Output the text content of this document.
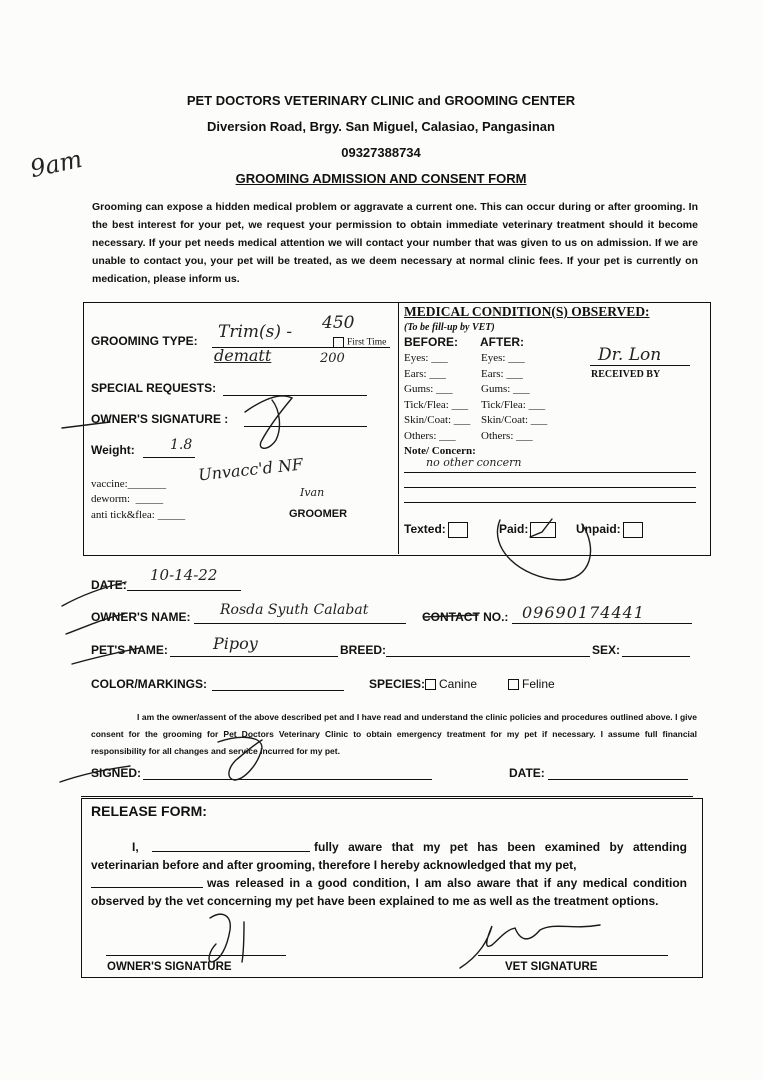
PET DOCTORS VETERINARY CLINIC and GROOMING CENTER
Diversion Road, Brgy. San Miguel, Calasiao, Pangasinan
09327388734
GROOMING ADMISSION AND CONSENT FORM
9am
Grooming can expose a hidden medical problem or aggravate a current one. This can occur during or after grooming. In the best interest for your pet, we request your permission to obtain immediate veterinary treatment should it become necessary. If your pet needs medical attention we will contact your number that was given to us on admission. If we are unable to contact you, your pet will be treated, as we deem necessary at normal clinic fees. If your pet is currently on medication, please inform us.
GROOMING TYPE: Trim(s) - 450
First Time
dematt	200
SPECIAL REQUESTS:
OWNER'S SIGNATURE :
Weight:	1.8
Unvacc'd NF
vaccine:_______
deworm:  _____
anti tick&flea: _____
Ivan
GROOMER
MEDICAL CONDITION(S) OBSERVED:
(To be fill-up by VET)
BEFORE: AFTER:
Eyes: ___	Eyes: ___
Ears: ___	Ears: ___
Gums: ___	Gums: ___
Tick/Flea: ___ Tick/Flea: ___
Skin/Coat: ___ Skin/Coat: ___
Others: ___ Others: ___
Dr. Lon
RECEIVED BY
Note/ Concern:
no other concern
Texted:	Paid:	Unpaid:
DATE:
10-14-22
OWNER'S NAME: Rosda Syuth Calabat	CONTACT NO.: 09690174441
PET'S NAME:	Pipoy	BREED:	SEX:
COLOR/MARKINGS:	SPECIES:	Canine	Feline
I am the owner/assent of the above described pet and I have read and understand the clinic policies and procedures outlined above. I give consent for the grooming for Pet Doctors Veterinary Clinic to obtain emergency treatment for my pet if necessary. I assume full financial responsibility for all changes and service incurred for my pet.
SIGNED:	DATE:
RELEASE FORM:
I,	fully aware that my pet has been examined by attending veterinarian before and after grooming, therefore I hereby acknowledged that my pet,
was released in a good condition, I am also aware that if any medical condition observed by the vet concerning my pet have been explained to me as well as the treatment options.
OWNER'S SIGNATURE	VET SIGNATURE
